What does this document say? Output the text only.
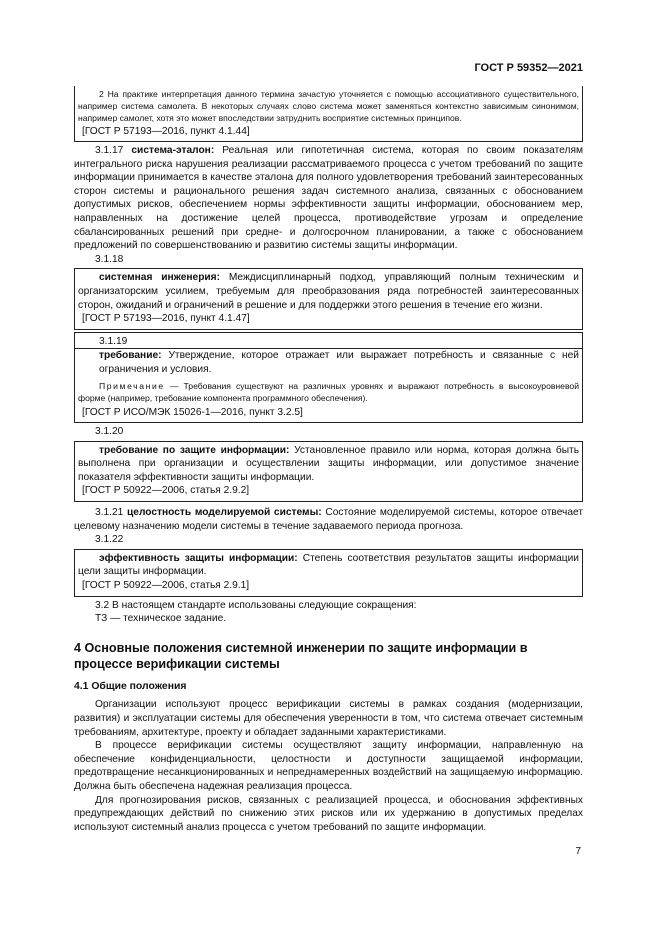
ГОСТ Р 59352—2021

2 На практике интерпретация данного термина зачастую уточняется с помощью ассоциативного существительного, например система самолета. В некоторых случаях слово система может заменяться контекстно зависимым синонимом, например самолет, хотя это может впоследствии затруднить восприятие системных принципов.

[ГОСТ Р 57193—2016, пункт 4.1.44]

3.1.17 система-эталон: Реальная или гипотетичная система, которая по своим показателям интегрального риска нарушения реализации рассматриваемого процесса с учетом требований по защите информации принимается в качестве эталона для полного удовлетворения требований заинтересованных сторон системы и рационального решения задач системного анализа, связанных с обоснованием допустимых рисков, обеспечением нормы эффективности защиты информации, обоснованием мер, направленных на достижение целей процесса, противодействие угрозам и определение сбалансированных решений при средне- и долгосрочном планировании, а также с обоснованием предложений по совершенствованию и развитию системы защиты информации.

3.1.18

системная инженерия: Междисциплинарный подход, управляющий полным техническим и организаторским усилием, требуемым для преобразования ряда потребностей заинтересованных сторон, ожиданий и ограничений в решение и для поддержки этого решения в течение его жизни.

[ГОСТ Р 57193—2016, пункт 4.1.47]

3.1.19

требование: Утверждение, которое отражает или выражает потребность и связанные с ней ограничения и условия.

Примечание — Требования существуют на различных уровнях и выражают потребность в высокоуровневой форме (например, требование компонента программного обеспечения).

[ГОСТ Р ИСО/МЭК 15026-1—2016, пункт 3.2.5]

3.1.20

требование по защите информации: Установленное правило или норма, которая должна быть выполнена при организации и осуществлении защиты информации, или допустимое значение показателя эффективности защиты информации.

[ГОСТ Р 50922—2006, статья 2.9.2]

3.1.21 целостность моделируемой системы: Состояние моделируемой системы, которое отвечает целевому назначению модели системы в течение задаваемого периода прогноза.

3.1.22

эффективность защиты информации: Степень соответствия результатов защиты информации цели защиты информации.

[ГОСТ Р 50922—2006, статья 2.9.1]

3.2 В настоящем стандарте использованы следующие сокращения:

ТЗ — техническое задание.

4 Основные положения системной инженерии по защите информации в процессе верификации системы
4.1 Общие положения

Организации используют процесс верификации системы в рамках создания (модернизации, развития) и эксплуатации системы для обеспечения уверенности в том, что система отвечает системным требованиям, архитектуре, проекту и обладает заданными характеристиками.

В процессе верификации системы осуществляют защиту информации, направленную на обеспечение конфиденциальности, целостности и доступности защищаемой информации, предотвращение несанкционированных и непреднамеренных воздействий на защищаемую информацию. Должна быть обеспечена надежная реализация процесса.

Для прогнозирования рисков, связанных с реализацией процесса, и обоснования эффективных предупреждающих действий по снижению этих рисков или их удержанию в допустимых пределах используют системный анализ процесса с учетом требований по защите информации.

7
